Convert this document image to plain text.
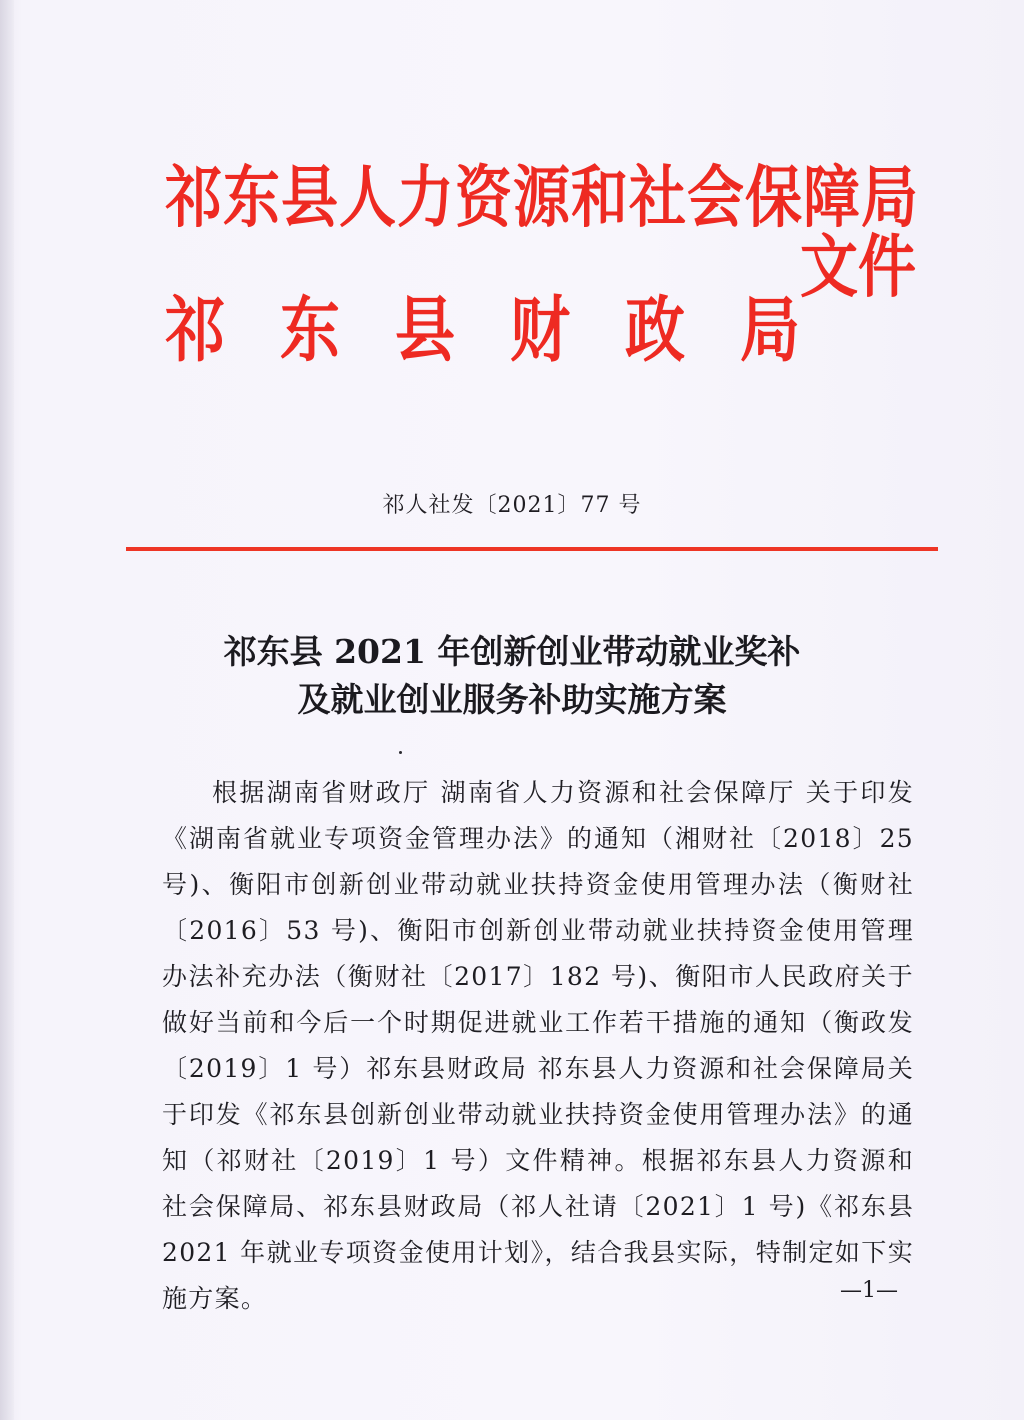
祁东县人力资源和社会保障局
祁东县财政局
文件
祁人社发〔2021〕77 号
祁东县 2021 年创新创业带动就业奖补
及就业创业服务补助实施方案
根据湖南省财政厅 湖南省人力资源和社会保障厅 关于印发《湖南省就业专项资金管理办法》的通知（湘财社〔2018〕25 号)、衡阳市创新创业带动就业扶持资金使用管理办法（衡财社〔2016〕53 号)、衡阳市创新创业带动就业扶持资金使用管理办法补充办法（衡财社〔2017〕182 号)、衡阳市人民政府关于做好当前和今后一个时期促进就业工作若干措施的通知（衡政发〔2019〕1 号）祁东县财政局 祁东县人力资源和社会保障局关于印发《祁东县创新创业带动就业扶持资金使用管理办法》的通知（祁财社〔2019〕1 号）文件精神。根据祁东县人力资源和社会保障局、祁东县财政局（祁人社请〔2021〕1 号)《祁东县 2021 年就业专项资金使用计划》，结合我县实际，特制定如下实施方案。	—1—
